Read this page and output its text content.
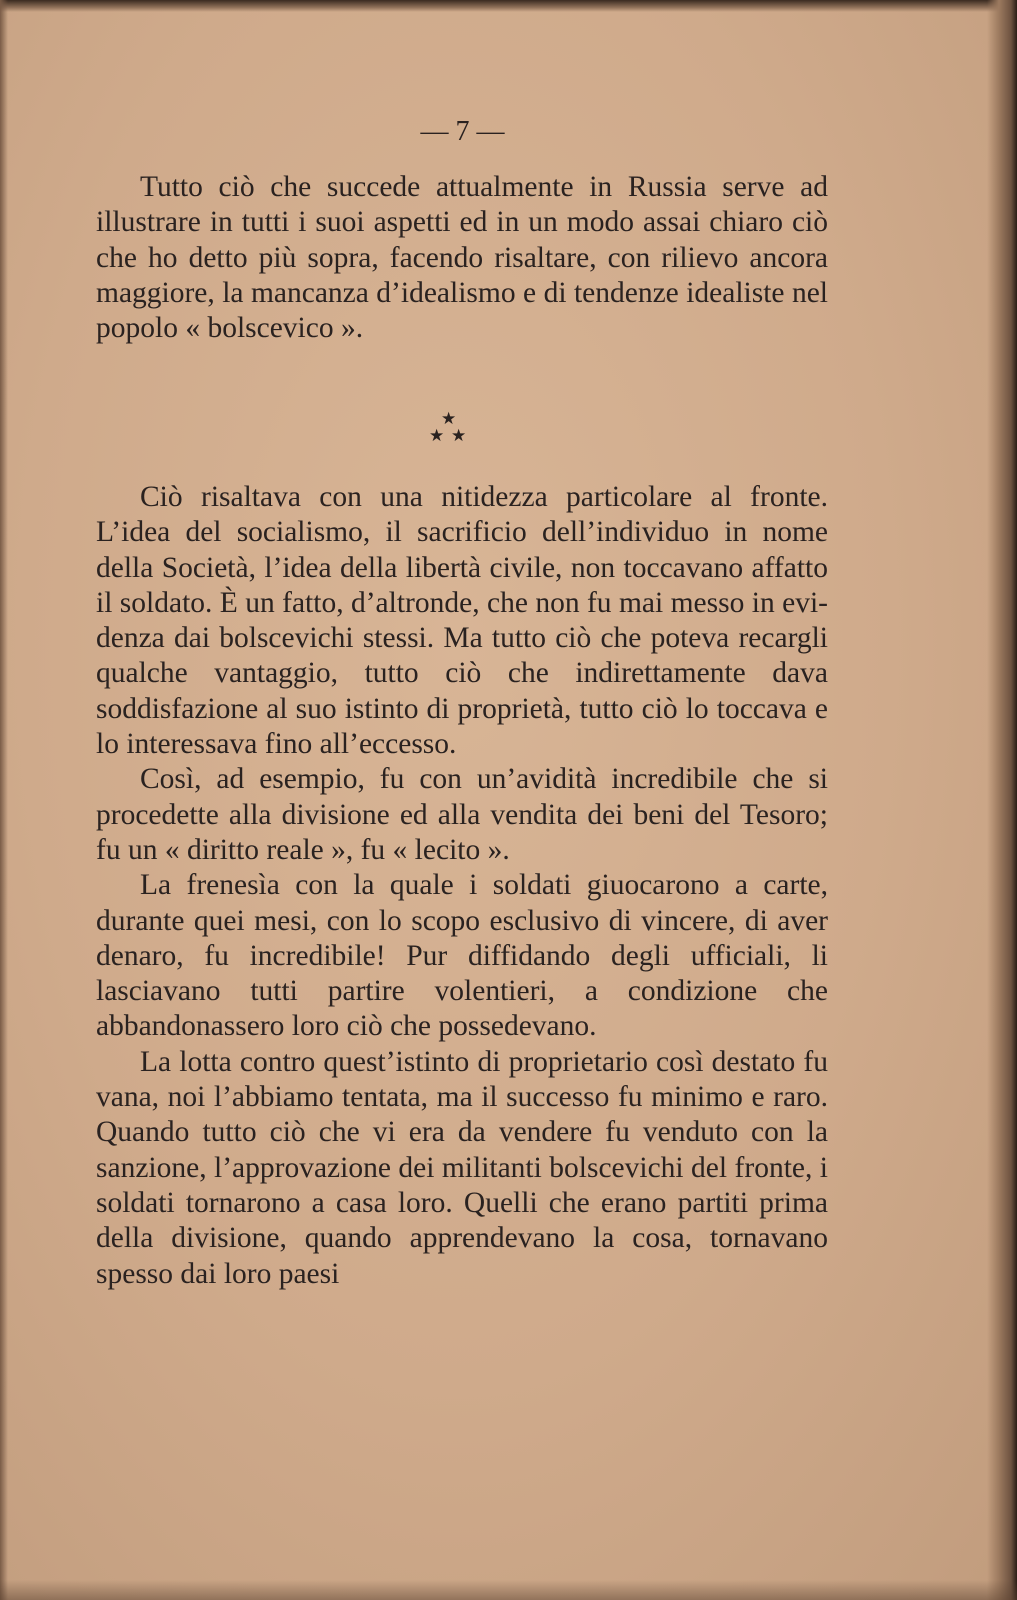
— 7 —

Tutto ciò che succede attualmente in Russia serve ad illustrare in tutti i suoi aspetti ed in un modo assai chiaro ciò che ho detto più sopra, facendo risaltare, con rilievo ancora maggiore, la mancanza d’idealismo e di tendenze idealiste nel popolo « bolscevico ».

★
★ ★

Ciò risaltava con una nitidezza particolare al fronte. L’idea del socialismo, il sacrificio dell’individuo in nome della Società, l’idea della libertà civile, non toccavano affatto il soldato. È un fatto, d’altronde, che non fu mai messo in evidenza dai bolscevichi stessi. Ma tutto ciò che poteva recargli qualche vantaggio, tutto ciò che indirettamente dava soddisfazione al suo istinto di proprietà, tutto ciò lo toccava e lo interessava fino all’eccesso.

Così, ad esempio, fu con un’avidità incredibile che si procedette alla divisione ed alla vendita dei beni del Tesoro; fu un « diritto reale », fu « lecito ».

La frenesìa con la quale i soldati giuocarono a carte, durante quei mesi, con lo scopo esclusivo di vincere, di aver denaro, fu incredibile! Pur diffidando degli ufficiali, li lasciavano tutti partire volentieri, a condizione che abbandonassero loro ciò che possedevano.

La lotta contro quest’istinto di proprietario così destato fu vana, noi l’abbiamo tentata, ma il successo fu minimo e raro. Quando tutto ciò che vi era da vendere fu venduto con la sanzione, l’approvazione dei militanti bolscevichi del fronte, i soldati tornarono a casa loro. Quelli che erano partiti prima della divisione, quando apprendevano la cosa, tornavano spesso dai loro paesi
